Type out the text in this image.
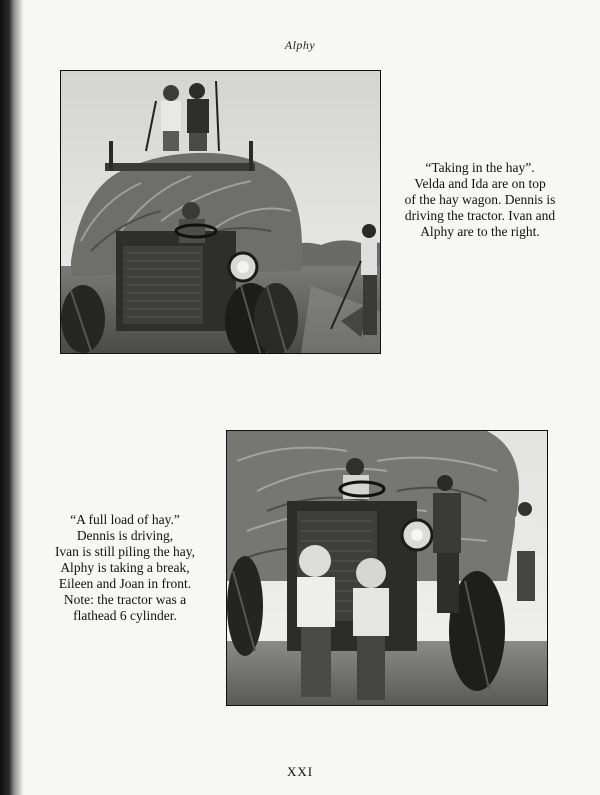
Alphy
“Taking in the hay”.
Velda and Ida are on top
of the hay wagon. Dennis is
driving the tractor. Ivan and
Alphy are to the right.
“A full load of hay.”
Dennis is driving,
Ivan is still piling the hay,
Alphy is taking a break,
Eileen and Joan in front.
Note: the tractor was a
flathead 6 cylinder.
XXI
